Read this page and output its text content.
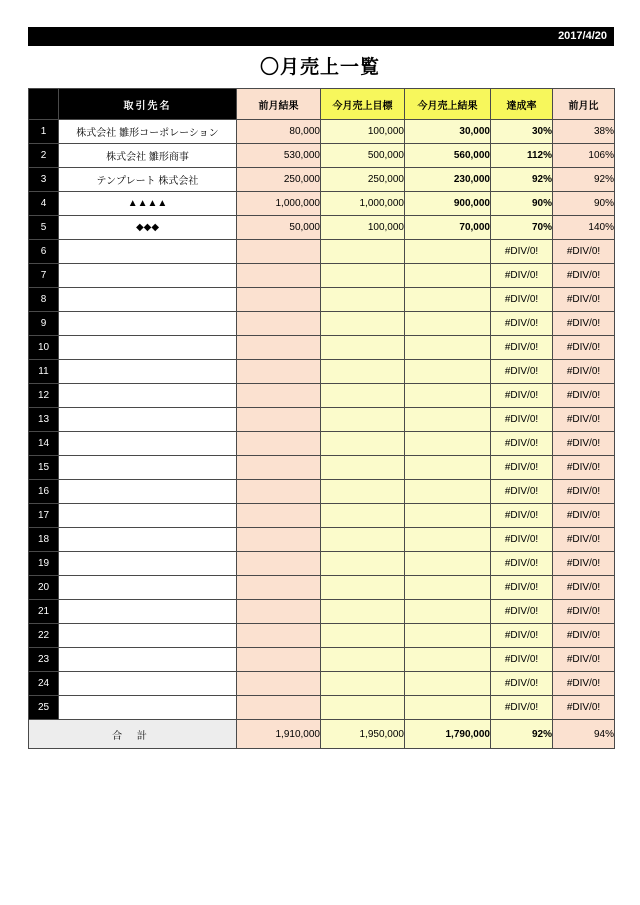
2017/4/20
〇月売上一覧
	取引先名	前月結果	今月売上目標	今月売上結果	達成率	前月比
1	株式会社 雛形コーポレーション	80,000	100,000	30,000	30%	38%
2	株式会社 雛形商事	530,000	500,000	560,000	112%	106%
3	テンプレート 株式会社	250,000	250,000	230,000	92%	92%
4	▲▲▲▲	1,000,000	1,000,000	900,000	90%	90%
5	◆◆◆	50,000	100,000	70,000	70%	140%
6					#DIV/0!	#DIV/0!
7					#DIV/0!	#DIV/0!
8					#DIV/0!	#DIV/0!
9					#DIV/0!	#DIV/0!
10					#DIV/0!	#DIV/0!
11					#DIV/0!	#DIV/0!
12					#DIV/0!	#DIV/0!
13					#DIV/0!	#DIV/0!
14					#DIV/0!	#DIV/0!
15					#DIV/0!	#DIV/0!
16					#DIV/0!	#DIV/0!
17					#DIV/0!	#DIV/0!
18					#DIV/0!	#DIV/0!
19					#DIV/0!	#DIV/0!
20					#DIV/0!	#DIV/0!
21					#DIV/0!	#DIV/0!
22					#DIV/0!	#DIV/0!
23					#DIV/0!	#DIV/0!
24					#DIV/0!	#DIV/0!
25					#DIV/0!	#DIV/0!
合 計		1,910,000	1,950,000	1,790,000	92%	94%
